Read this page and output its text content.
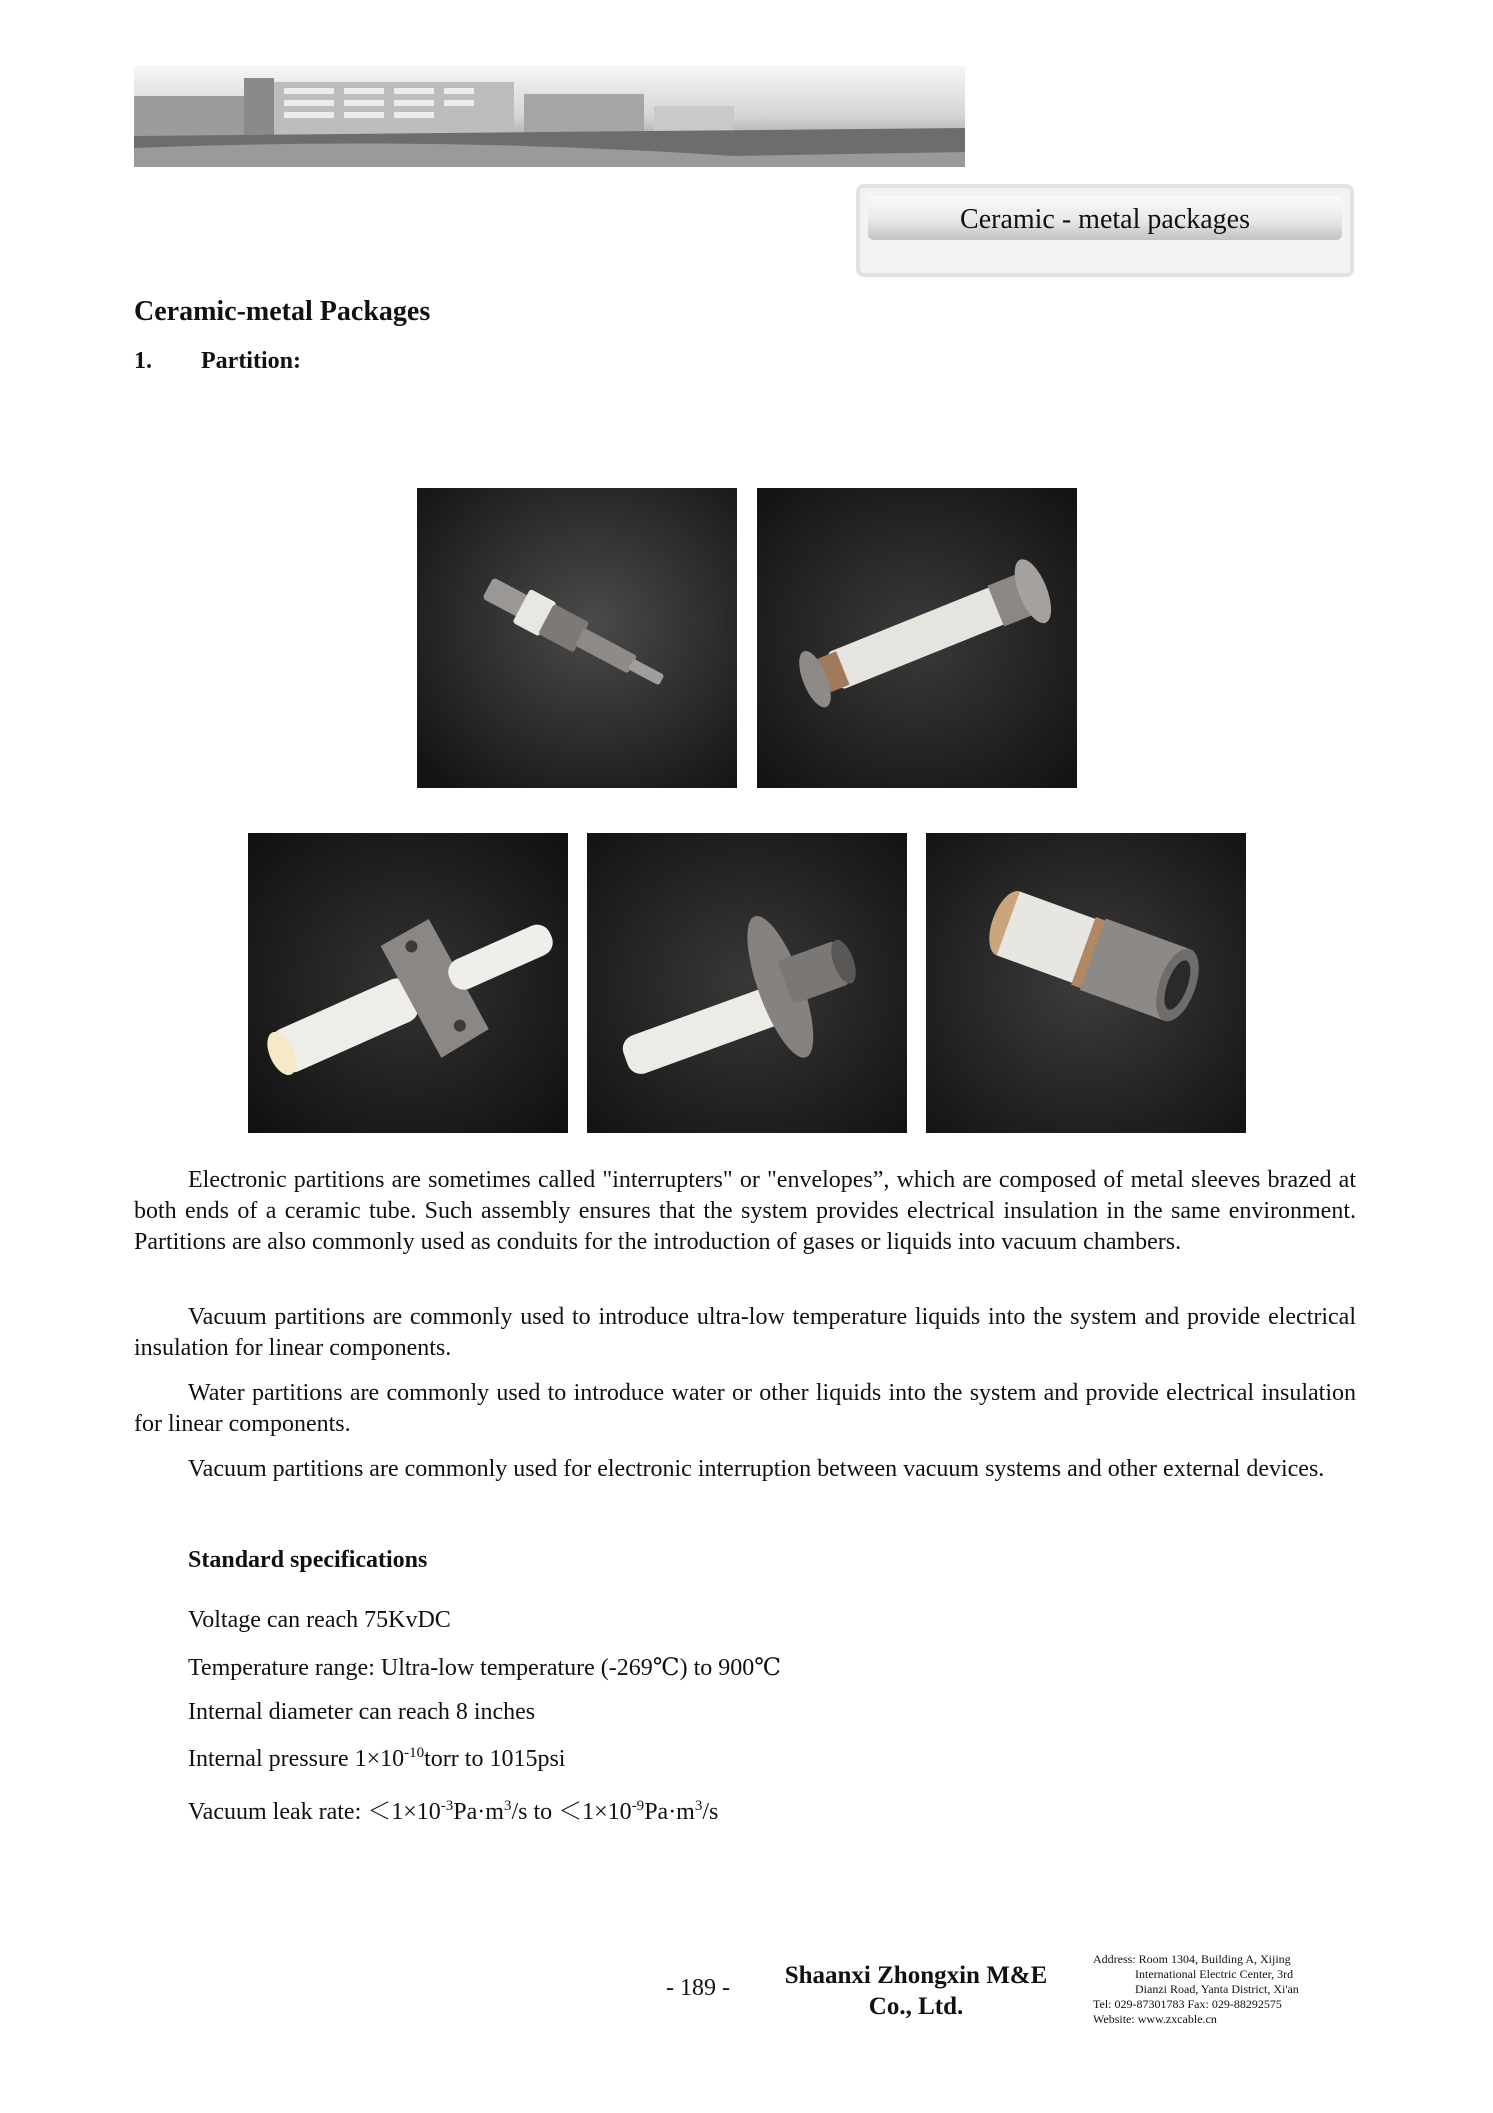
Ceramic - metal packages
Ceramic-metal Packages
1. Partition:
Electronic partitions are sometimes called "interrupters" or "envelopes”, which are composed of metal sleeves brazed at both ends of a ceramic tube. Such assembly ensures that the system provides electrical insulation in the same environment. Partitions are also commonly used as conduits for the introduction of gases or liquids into vacuum chambers.
Vacuum partitions are commonly used to introduce ultra-low temperature liquids into the system and provide electrical insulation for linear components.
Water partitions are commonly used to introduce water or other liquids into the system and provide electrical insulation for linear components.
Vacuum partitions are commonly used for electronic interruption between vacuum systems and other external devices.
Standard specifications
Voltage can reach 75KvDC
Temperature range: Ultra-low temperature (-269℃) to 900℃
Internal diameter can reach 8 inches
Internal pressure $1\times 10^{-10}torr$ to 1015psi
Vacuum leak rate: $<1\times 10^{-3}Pa\cdot m^3/s$ to $<1\times 10^{-9}Pa\cdot m^3/s$
- 189 -	Shaanxi Zhongxin M&E
Co., Ltd.
Address: Room 1304, Building A, Xijing
International Electric Center, 3rd
Dianzi Road, Yanta District, Xi'an
Tel: 029-87301783 Fax: 029-88292575
Website: www.zxcable.cn
